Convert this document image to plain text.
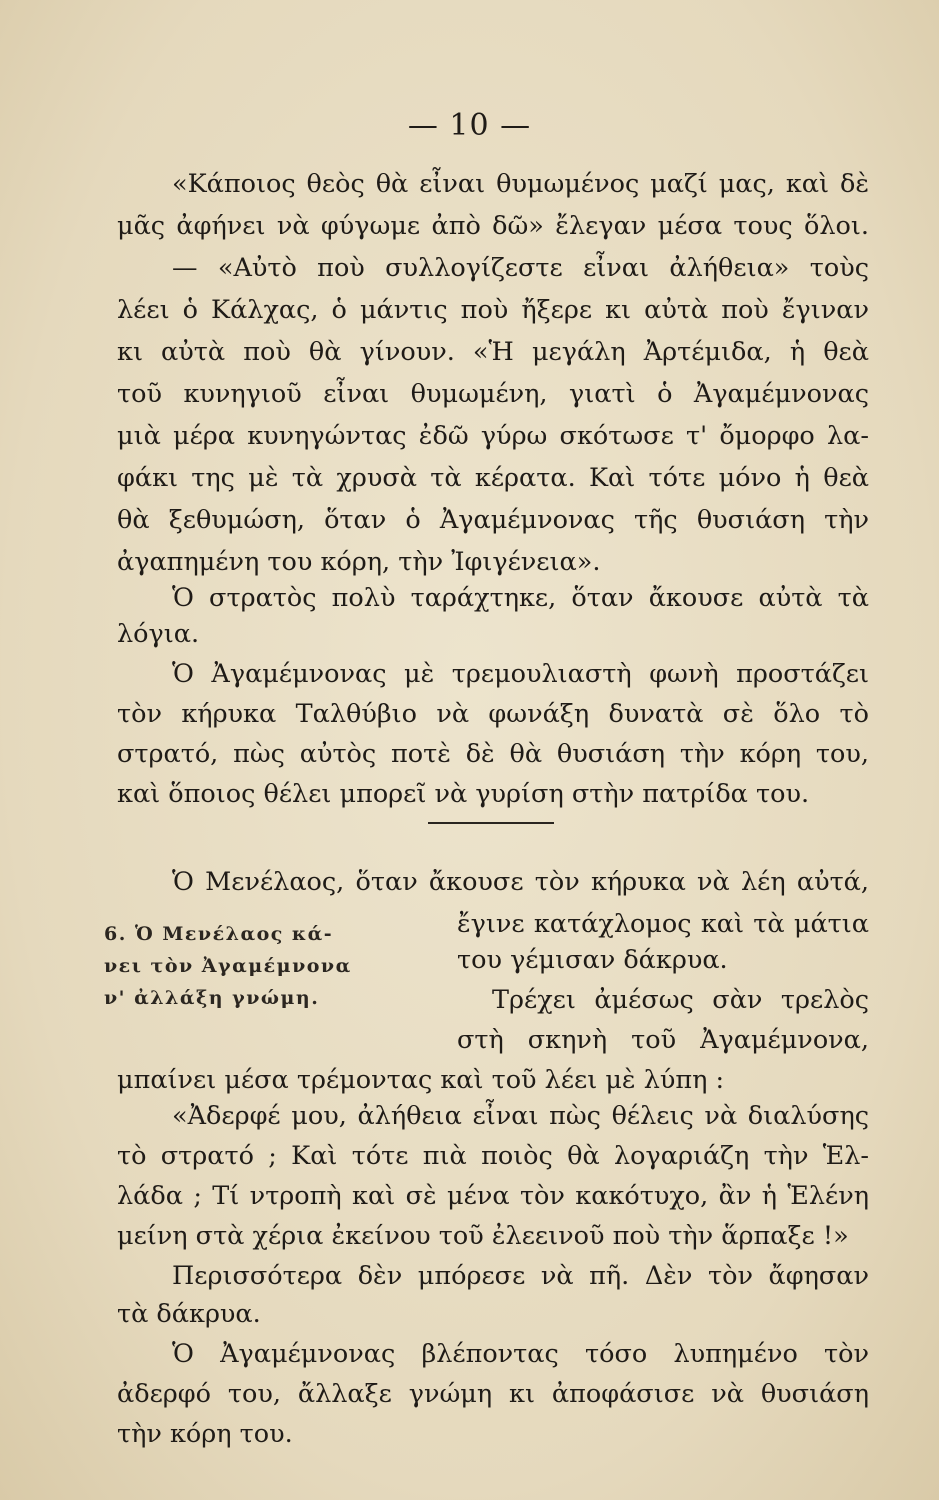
— 10 —
«Κάποιος θεὸς θὰ εἶναι θυμωμένος μαζί μας, καὶ δὲ
μᾶς ἀφήνει νὰ φύγωμε ἀπὸ δῶ» ἔλεγαν μέσα τους ὅλοι.
— «Αὐτὸ ποὺ συλλογίζεστε εἶναι ἀλήθεια» τοὺς
λέει ὁ Κάλχας, ὁ μάντις ποὺ ἤξερε κι αὐτὰ ποὺ ἔγιναν
κι αὐτὰ ποὺ θὰ γίνουν. «Ἡ μεγάλη Ἀρτέμιδα, ἡ θεὰ
τοῦ κυνηγιοῦ εἶναι θυμωμένη, γιατὶ ὁ Ἀγαμέμνονας
μιὰ μέρα κυνηγώντας ἐδῶ γύρω σκότωσε τ' ὄμορφο λα-
φάκι της μὲ τὰ χρυσὰ τὰ κέρατα. Καὶ τότε μόνο ἡ θεὰ
θὰ ξεθυμώση, ὅταν ὁ Ἀγαμέμνονας τῆς θυσιάση τὴν
ἀγαπημένη του κόρη, τὴν Ἰφιγένεια».
Ὁ στρατὸς πολὺ ταράχτηκε, ὅταν ἄκουσε αὐτὰ τὰ
λόγια.
Ὁ Ἀγαμέμνονας μὲ τρεμουλιαστὴ φωνὴ προστάζει
τὸν κήρυκα Ταλθύβιο νὰ φωνάξη δυνατὰ σὲ ὅλο τὸ
στρατό, πὼς αὐτὸς ποτὲ δὲ θὰ θυσιάση τὴν κόρη του,
καὶ ὅποιος θέλει μπορεῖ νὰ γυρίση στὴν πατρίδα του.
Ὁ Μενέλαος, ὅταν ἄκουσε τὸν κήρυκα νὰ λέη αὐτά,
ἔγινε κατάχλομος καὶ τὰ μάτια
του γέμισαν δάκρυα.
Τρέχει ἀμέσως σὰν τρελὸς
στὴ σκηνὴ τοῦ Ἀγαμέμνονα,
μπαίνει μέσα τρέμοντας καὶ τοῦ λέει μὲ λύπη :
6. Ὁ Μενέλαος κά-
νει τὸν Ἀγαμέμνονα
ν' ἀλλάξη γνώμη.
«Ἀδερφέ μου, ἀλήθεια εἶναι πὼς θέλεις νὰ διαλύσης
τὸ στρατό ; Καὶ τότε πιὰ ποιὸς θὰ λογαριάζη τὴν Ἑλ-
λάδα ; Τί ντροπὴ καὶ σὲ μένα τὸν κακότυχο, ἂν ἡ Ἑλένη
μείνη στὰ χέρια ἐκείνου τοῦ ἐλεεινοῦ ποὺ τὴν ἅρπαξε !»
Περισσότερα δὲν μπόρεσε νὰ πῆ. Δὲν τὸν ἄφησαν
τὰ δάκρυα.
Ὁ Ἀγαμέμνονας βλέποντας τόσο λυπημένο τὸν
ἀδερφό του, ἄλλαξε γνώμη κι ἀποφάσισε νὰ θυσιάση
τὴν κόρη του.
